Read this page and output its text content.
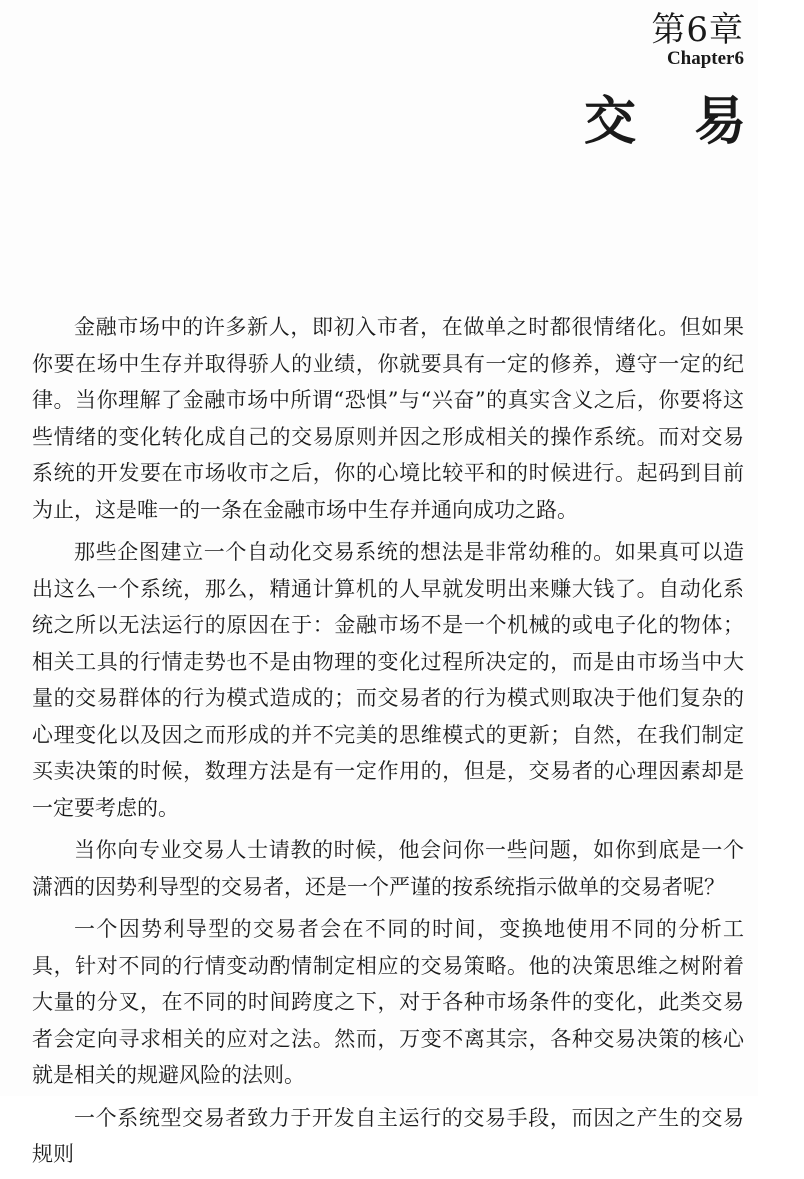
第6章
Chapter6
交易

金融市场中的许多新人，即初入市者，在做单之时都很情绪化。但如果你要在场中生存并取得骄人的业绩，你就要具有一定的修养，遵守一定的纪律。当你理解了金融市场中所谓“恐惧”与“兴奋”的真实含义之后，你要将这些情绪的变化转化成自己的交易原则并因之形成相关的操作系统。而对交易系统的开发要在市场收市之后，你的心境比较平和的时候进行。起码到目前为止，这是唯一的一条在金融市场中生存并通向成功之路。

那些企图建立一个自动化交易系统的想法是非常幼稚的。如果真可以造出这么一个系统，那么，精通计算机的人早就发明出来赚大钱了。自动化系统之所以无法运行的原因在于：金融市场不是一个机械的或电子化的物体；相关工具的行情走势也不是由物理的变化过程所决定的，而是由市场当中大量的交易群体的行为模式造成的；而交易者的行为模式则取决于他们复杂的心理变化以及因之而形成的并不完美的思维模式的更新；自然，在我们制定买卖决策的时候，数理方法是有一定作用的，但是，交易者的心理因素却是一定要考虑的。

当你向专业交易人士请教的时候，他会问你一些问题，如你到底是一个潇洒的因势利导型的交易者，还是一个严谨的按系统指示做单的交易者呢？

一个因势利导型的交易者会在不同的时间，变换地使用不同的分析工具，针对不同的行情变动酌情制定相应的交易策略。他的决策思维之树附着大量的分叉，在不同的时间跨度之下，对于各种市场条件的变化，此类交易者会定向寻求相关的应对之法。然而，万变不离其宗，各种交易决策的核心就是相关的规避风险的法则。

一个系统型交易者致力于开发自主运行的交易手段，而因之产生的交易规则
